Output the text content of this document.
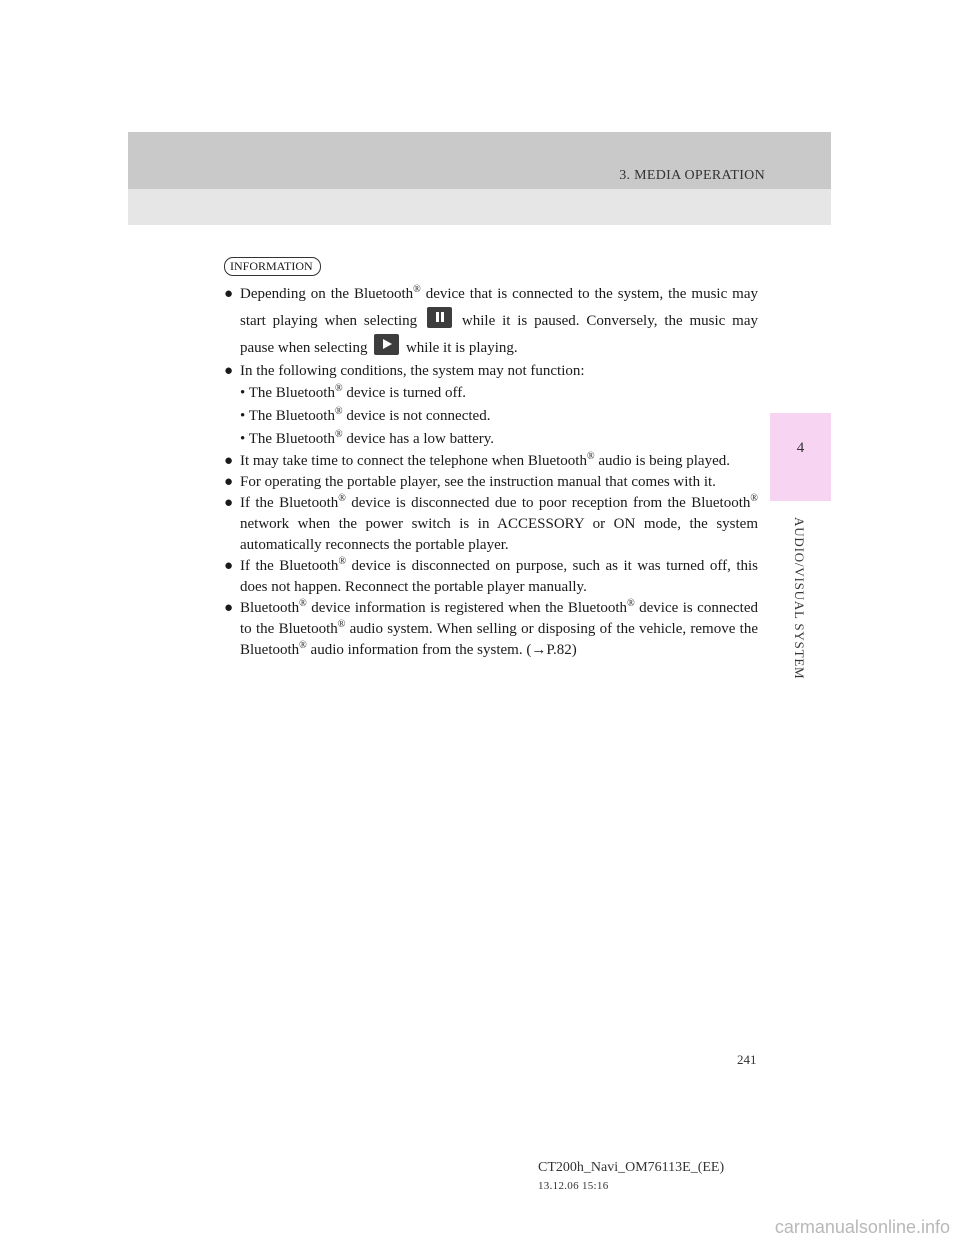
3. MEDIA OPERATION
4
AUDIO/VISUAL SYSTEM
INFORMATION
● Depending on the Bluetooth® device that is connected to the system, the music may start playing when selecting	while it is paused. Conversely, the music may pause when selecting
while it is playing.
● In the following conditions, the system may not function:
• The Bluetooth® device is turned off.
• The Bluetooth® device is not connected.
• The Bluetooth® device has a low battery.
● It may take time to connect the telephone when Bluetooth® audio is being played.
● For operating the portable player, see the instruction manual that comes with it.
● If the Bluetooth® device is disconnected due to poor reception from the Bluetooth® network when the power switch is in ACCESSORY or ON mode, the system automatically reconnects the portable player.
● If the Bluetooth® device is disconnected on purpose, such as it was turned off, this does not happen. Reconnect the portable player manually.
● Bluetooth® device information is registered when the Bluetooth® device is connected to the Bluetooth® audio system. When selling or disposing of the vehicle, remove the Bluetooth® audio information from the system. (→P.82)
241
CT200h_Navi_OM76113E_(EE)
13.12.06 15:16
carmanualsonline.info
